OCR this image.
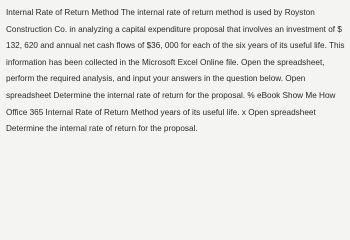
Internal Rate of Return Method The internal rate of return method is used by Royston
Construction Co. in analyzing a capital expenditure proposal that involves an investment of $
132, 620 and annual net cash flows of $36, 000 for each of the six years of its useful life. This
information has been collected in the Microsoft Excel Online file. Open the spreadsheet,
perform the required analysis, and input your answers in the question below. Open
spreadsheet Determine the internal rate of return for the proposal. % eBook Show Me How
Office 365 Internal Rate of Return Method years of its useful life. x Open spreadsheet
Determine the internal rate of return for the proposal.
